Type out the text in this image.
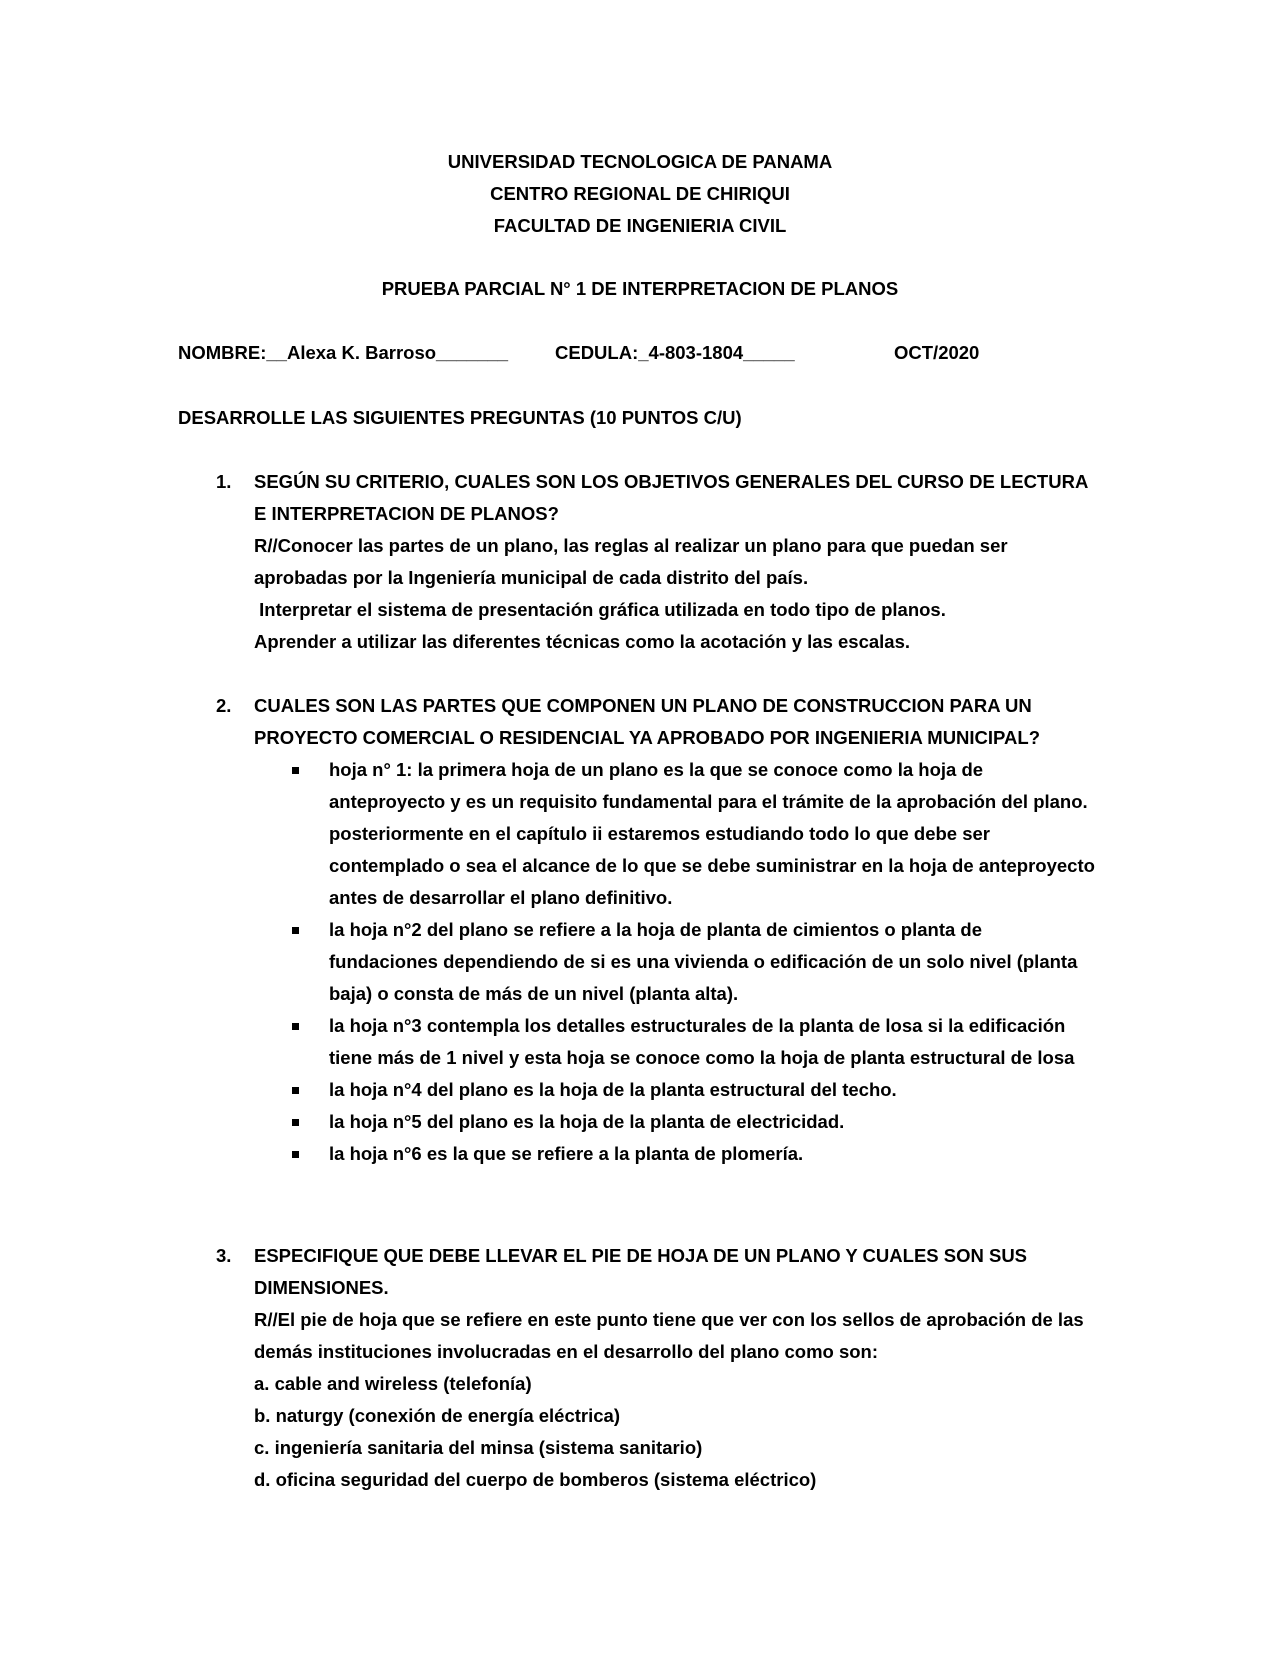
UNIVERSIDAD TECNOLOGICA DE PANAMA
CENTRO REGIONAL DE CHIRIQUI
FACULTAD DE INGENIERIA CIVIL
PRUEBA PARCIAL N° 1 DE INTERPRETACION DE PLANOS
NOMBRE:__Alexa K. Barroso_______	CEDULA:_4-803-1804_____	OCT/2020
DESARROLLE LAS SIGUIENTES PREGUNTAS (10 PUNTOS C/U)
1. SEGÚN SU CRITERIO, CUALES SON LOS OBJETIVOS GENERALES DEL CURSO DE LECTURA E INTERPRETACION DE PLANOS?

R//Conocer las partes de un plano, las reglas al realizar un plano para que puedan ser aprobadas por la Ingeniería municipal de cada distrito del país.

Interpretar el sistema de presentación gráfica utilizada en todo tipo de planos.

Aprender a utilizar las diferentes técnicas como la acotación y las escalas.

2. CUALES SON LAS PARTES QUE COMPONEN UN PLANO DE CONSTRUCCION PARA UN PROYECTO COMERCIAL O RESIDENCIAL YA APROBADO POR INGENIERIA MUNICIPAL?

hoja n° 1: la primera hoja de un plano es la que se conoce como la hoja de anteproyecto y es un requisito fundamental para el trámite de la aprobación del plano. posteriormente en el capítulo ii estaremos estudiando todo lo que debe ser contemplado o sea el alcance de lo que se debe suministrar en la hoja de anteproyecto antes de desarrollar el plano definitivo.
la hoja n°2 del plano se refiere a la hoja de planta de cimientos o planta de fundaciones dependiendo de si es una vivienda o edificación de un solo nivel (planta baja) o consta de más de un nivel (planta alta).
la hoja n°3 contempla los detalles estructurales de la planta de losa si la edificación tiene más de 1 nivel y esta hoja se conoce como la hoja de planta estructural de losa
la hoja n°4 del plano es la hoja de la planta estructural del techo.
la hoja n°5 del plano es la hoja de la planta de electricidad.
la hoja n°6 es la que se refiere a la planta de plomería.
3. ESPECIFIQUE QUE DEBE LLEVAR EL PIE DE HOJA DE UN PLANO Y CUALES SON SUS DIMENSIONES.

R//El pie de hoja que se refiere en este punto tiene que ver con los sellos de aprobación de las demás instituciones involucradas en el desarrollo del plano como son:

a. cable and wireless (telefonía)

b. naturgy (conexión de energía eléctrica)

c. ingeniería sanitaria del minsa (sistema sanitario)

d. oficina seguridad del cuerpo de bomberos (sistema eléctrico)
